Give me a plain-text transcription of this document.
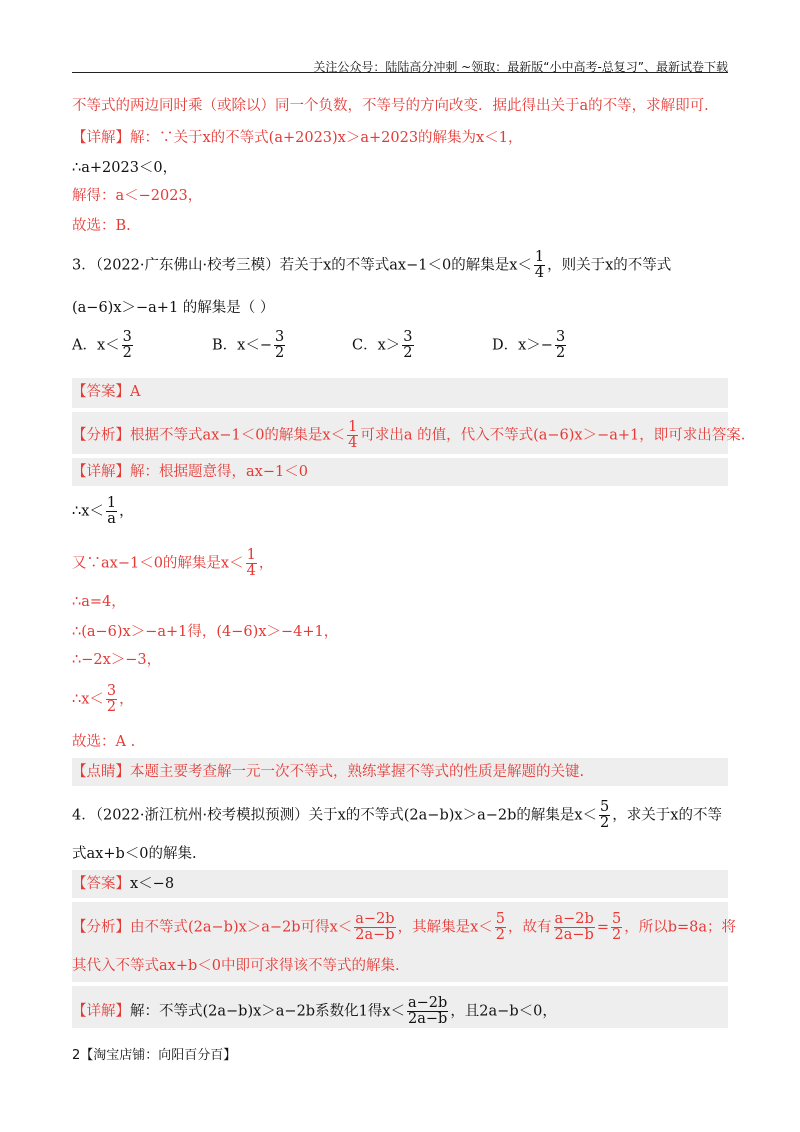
关注公众号：陆陆高分冲刺 ~领取：最新版“小中高考-总复习”、最新试卷下载
不等式的两边同时乘（或除以）同一个负数，不等号的方向改变．据此得出关于a的不等，求解即可.
【详解】解：∵关于x的不等式(a+2023)x＞a+2023的解集为x＜1，
∴a+2023＜0，
解得：a＜−2023，
故选：B.
3．（2022·广东佛山·校考三模）若关于x的不等式ax−1＜0的解集是$x< \frac{1}{4}$ ，则关于x的不等式
(a−6)x＞−a+1 的解集是（ ）
A．$x< \frac{3}{2}$	B．$x<- \frac{3}{2}$	C．$x> \frac{3}{2}$	D．$x>- \frac{3}{2}$
【答案】A
【分析】根据不等式ax−1＜0的解集是$x< \frac{1}{4}$ 可求出a 的值，代入不等式(a−6)x＞−a+1，即可求出答案.
【详解】解：根据题意得，ax−1＜0
∴x＜ $\frac{1}{a}$ ，
又∵ax−1＜0的解集是$x< \frac{1}{4}$ ，
∴a=4，
∴(a−6)x＞−a+1得，(4−6)x＞−4+1，
∴−2x＞−3，
∴x＜ $\frac{3}{2}$ ，
故选：A .
【点睛】本题主要考查解一元一次不等式，熟练掌握不等式的性质是解题的关键.
4．（2022·浙江杭州·校考模拟预测）关于x的不等式(2a−b)x＞a−2b的解集是$x< \frac{5}{2}$ ，求关于x的不等
式ax+b＜0的解集.
【答案】x＜−8
【分析】由不等式(2a−b)x＞a−2b可得$x< \frac{a-2b}{2a-b}$ ，其解集是$x< \frac{5}{2}$ ，故有 $\frac{a-2b}{2a-b} = \frac{5}{2}$ ，所以b=8a；将
其代入不等式ax+b＜0中即可求得该不等式的解集.
【详解】解：不等式(2a−b)x＞a−2b系数化1得$x< \frac{a-2b}{2a-b}$ ，且2a−b＜0，
2【淘宝店铺：向阳百分百】
